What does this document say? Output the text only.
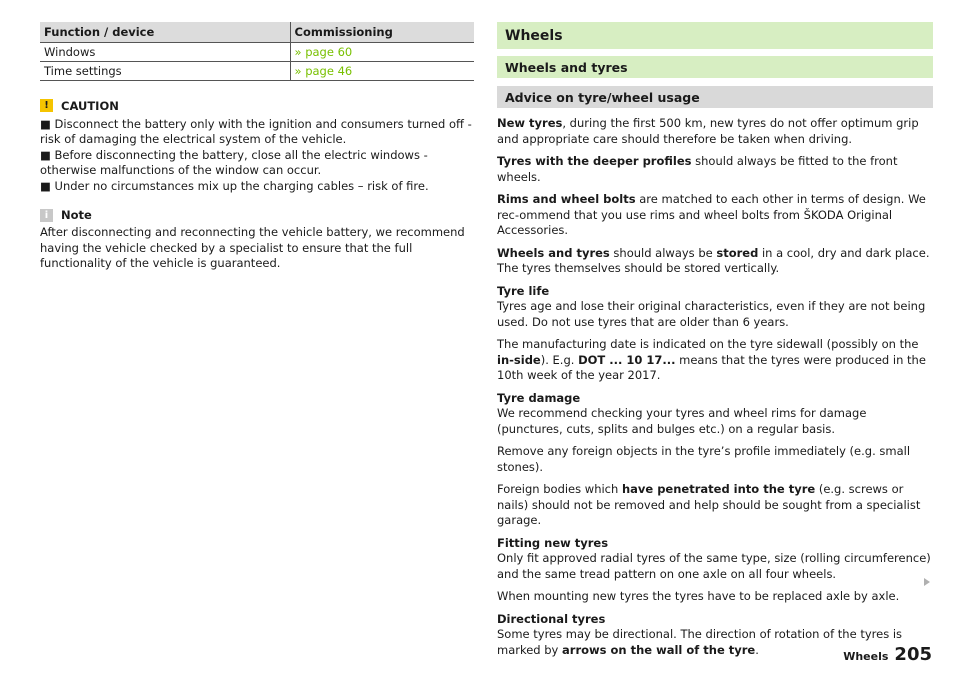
Function / device	Commissioning
Windows	» page 60
Time settings	» page 46
!	CAUTION
■ Disconnect the battery only with the ignition and consumers turned off - risk of damaging the electrical system of the vehicle.
■ Before disconnecting the battery, close all the electric windows - otherwise malfunctions of the window can occur.
■ Under no circumstances mix up the charging cables – risk of fire.
i	Note
After disconnecting and reconnecting the vehicle battery, we recommend having the vehicle checked by a specialist to ensure that the full functionality of the vehicle is guaranteed.
Wheels
Wheels and tyres
Advice on tyre/wheel usage

New tyres, during the first 500 km, new tyres do not offer optimum grip and appropriate care should therefore be taken when driving.

Tyres with the deeper profiles should always be fitted to the front wheels.

Rims and wheel bolts are matched to each other in terms of design. We rec-ommend that you use rims and wheel bolts from ŠKODA Original Accessories.

Wheels and tyres should always be stored in a cool, dry and dark place. The tyres themselves should be stored vertically.

Tyre life
Tyres age and lose their original characteristics, even if they are not being used. Do not use tyres that are older than 6 years.

The manufacturing date is indicated on the tyre sidewall (possibly on the in-side). E.g. DOT ... 10 17... means that the tyres were produced in the 10th week of the year 2017.

Tyre damage
We recommend checking your tyres and wheel rims for damage (punctures, cuts, splits and bulges etc.) on a regular basis.

Remove any foreign objects in the tyre’s profile immediately (e.g. small stones).

Foreign bodies which have penetrated into the tyre (e.g. screws or nails) should not be removed and help should be sought from a specialist garage.

Fitting new tyres
Only fit approved radial tyres of the same type, size (rolling circumference) and the same tread pattern on one axle on all four wheels.

When mounting new tyres the tyres have to be replaced axle by axle.

Directional tyres
Some tyres may be directional. The direction of rotation of the tyres is marked by arrows on the wall of the tyre.	Wheels 205
